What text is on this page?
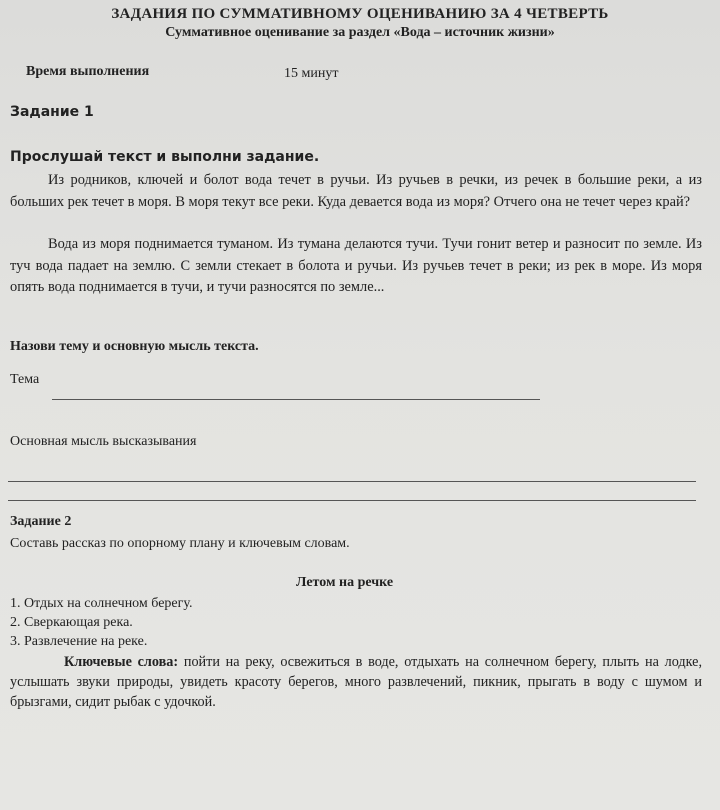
ЗАДАНИЯ ПО СУММАТИВНОМУ ОЦЕНИВАНИЮ ЗА 4 ЧЕТВЕРТЬ
Суммативное оценивание за раздел «Вода – источник жизни»
Время выполнения	15 минут
Задание 1
Прослушай текст и выполни задание.

Из родников, ключей и болот вода течет в ручьи. Из ручьев в речки, из речек в большие реки, а из больших рек течет в моря. В моря текут все реки. Куда девается вода из моря? Отчего она не течет через край?

Вода из моря поднимается туманом. Из тумана делаются тучи. Тучи гонит ветер и разносит по земле. Из туч вода падает на землю. С земли стекает в болота и ручьи. Из ручьев течет в реки; из рек в море. Из моря опять вода поднимается в тучи, и тучи разносятся по земле...

Назови тему и основную мысль текста.
Тема
Основная мысль высказывания
Задание 2
Составь рассказ по опорному плану и ключевым словам.
Летом на речке
1. Отдых на солнечном берегу.
2. Сверкающая река.
3. Развлечение на реке.

Ключевые слова: пойти на реку, освежиться в воде, отдыхать на солнечном берегу, плыть на лодке, услышать звуки природы, увидеть красоту берегов, много развлечений, пикник, прыгать в воду с шумом и брызгами, сидит рыбак с удочкой.
